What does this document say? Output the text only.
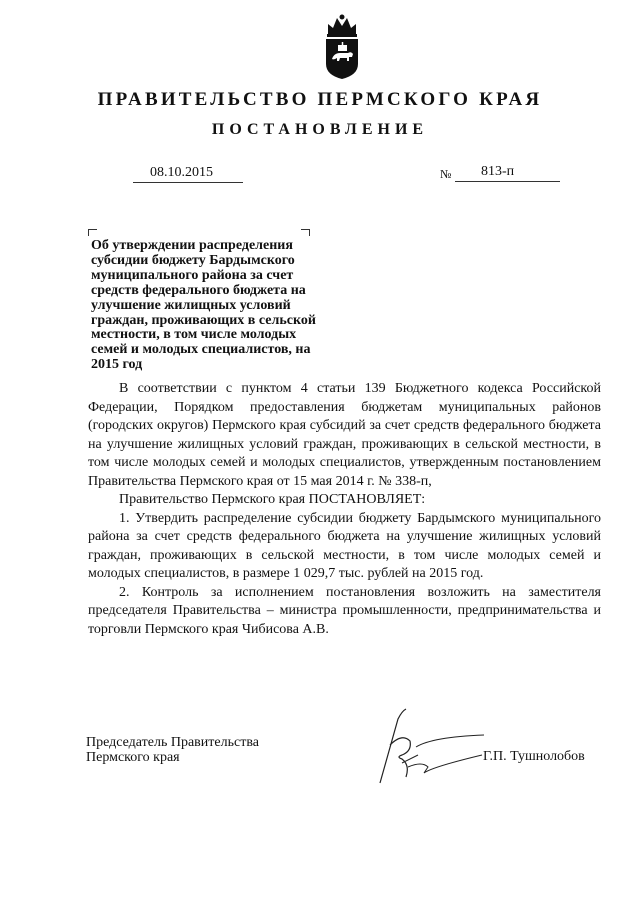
ПРАВИТЕЛЬСТВО ПЕРМСКОГО КРАЯ
ПОСТАНОВЛЕНИЕ
08.10.2015	№ 813-п
Об утверждении распределения субсидии бюджету Бардымского муниципального района за счет средств федерального бюджета на улучшение жилищных условий граждан, проживающих в сельской местности, в том числе молодых семей и молодых специалистов, на 2015 год

В соответствии с пунктом 4 статьи 139 Бюджетного кодекса Российской Федерации, Порядком предоставления бюджетам муниципальных районов (городских округов) Пермского края субсидий за счет средств федерального бюджета на улучшение жилищных условий граждан, проживающих в сельской местности, в том числе молодых семей и молодых специалистов, утвержденным постановлением Правительства Пермского края от 15 мая 2014 г. № 338-п,

Правительство Пермского края ПОСТАНОВЛЯЕТ:

1. Утвердить распределение субсидии бюджету Бардымского муниципального района за счет средств федерального бюджета на улучшение жилищных условий граждан, проживающих в сельской местности, в том числе молодых семей и молодых специалистов, в размере 1 029,7 тыс. рублей на 2015 год.

2. Контроль за исполнением постановления возложить на заместителя председателя Правительства – министра промышленности, предпринимательства и торговли Пермского края Чибисова А.В.

Председатель Правительства
Пермского края	Г.П. Тушнолобов
